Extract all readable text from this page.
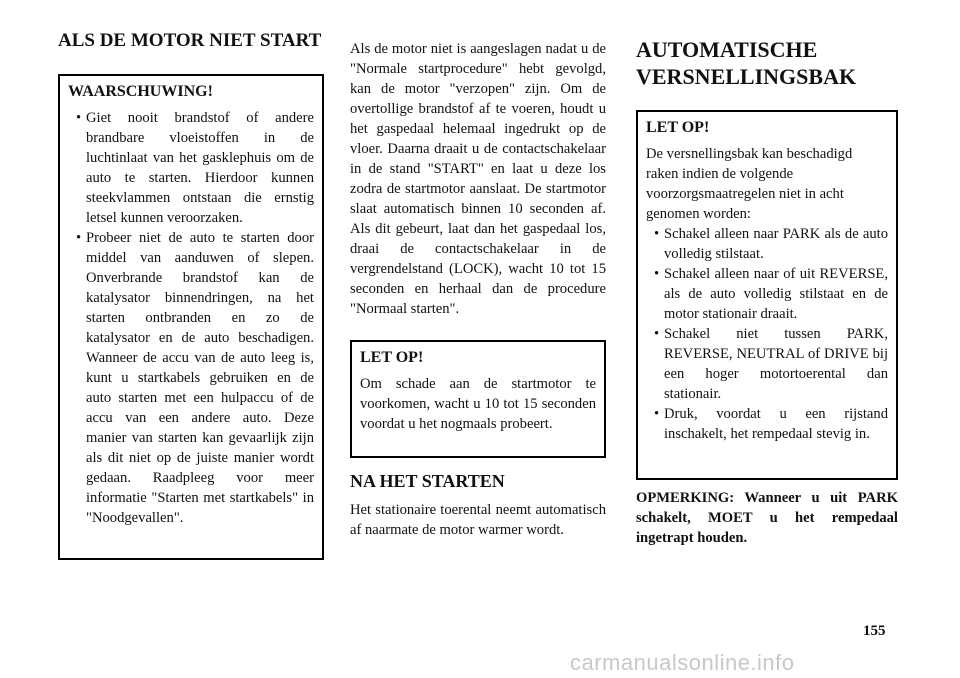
ALS DE MOTOR NIET START
WAARSCHUWING!
• Giet nooit brandstof of andere brandbare vloeistoffen in de luchtinlaat van het gasklephuis om de auto te starten. Hierdoor kunnen steekvlammen ontstaan die ernstig letsel kunnen veroorzaken.
• Probeer niet de auto te starten door middel van aanduwen of slepen. Onverbrande brandstof kan de katalysator binnendringen, na het starten ontbranden en zo de katalysator en de auto beschadigen. Wanneer de accu van de auto leeg is, kunt u startkabels gebruiken en de auto starten met een hulpaccu of de accu van een andere auto. Deze manier van starten kan gevaarlijk zijn als dit niet op de juiste manier wordt gedaan. Raadpleeg voor meer informatie "Starten met startkabels" in "Noodgevallen".

Als de motor niet is aangeslagen nadat u de "Normale startprocedure" hebt gevolgd, kan de motor "verzopen" zijn. Om de overtollige brandstof af te voeren, houdt u het gaspedaal helemaal ingedrukt op de vloer. Daarna draait u de contactschakelaar in de stand "START" en laat u deze los zodra de startmotor aanslaat. De startmotor slaat automatisch binnen 10 seconden af. Als dit gebeurt, laat dan het gaspedaal los, draai de contactschakelaar in de vergrendelstand (LOCK), wacht 10 tot 15 seconden en herhaal dan de procedure "Normaal starten".

LET OP!

Om schade aan de startmotor te voorkomen, wacht u 10 tot 15 seconden voordat u het nogmaals probeert.

NA HET STARTEN

Het stationaire toerental neemt automatisch af naarmate de motor warmer wordt.

AUTOMATISCHE VERSNELLINGSBAK
LET OP!

De versnellingsbak kan beschadigd raken indien de volgende voorzorgsmaatregelen niet in acht genomen worden:

• Schakel alleen naar PARK als de auto volledig stilstaat.
• Schakel alleen naar of uit REVERSE, als de auto volledig stilstaat en de motor stationair draait.
• Schakel niet tussen PARK, REVERSE, NEUTRAL of DRIVE bij een hoger motortoerental dan stationair.
• Druk, voordat u een rijstand inschakelt, het rempedaal stevig in.

OPMERKING: Wanneer u uit PARK schakelt, MOET u het rempedaal ingetrapt houden.

155
carmanualsonline.info
